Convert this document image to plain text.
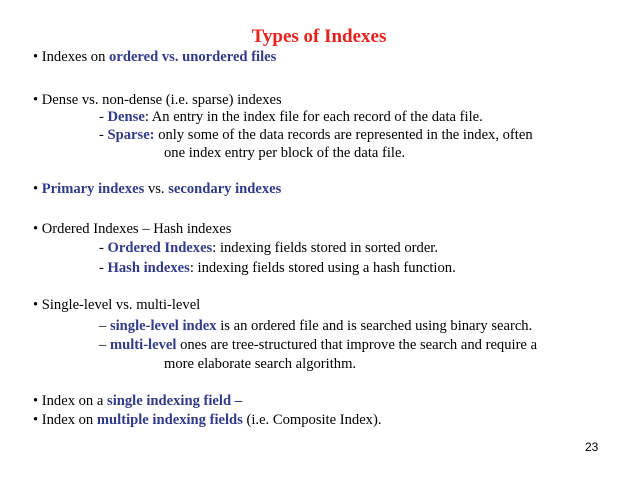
Types of Indexes
• Indexes on ordered vs. unordered files
• Dense vs. non-dense (i.e. sparse) indexes
- Dense: An entry in the index file for each record of the data file.
- Sparse: only some of the data records are represented in the index, often
one index entry per block of the data file.
• Primary indexes vs. secondary indexes
• Ordered Indexes – Hash indexes
- Ordered Indexes: indexing fields stored in sorted order.
- Hash indexes: indexing fields stored using a hash function.
• Single-level vs. multi-level
– single-level index is an ordered file and is searched using binary search.
– multi-level ones are tree-structured that improve the search and require a
more elaborate search algorithm.
• Index on a single indexing field –
• Index on multiple indexing fields (i.e. Composite Index).
23
